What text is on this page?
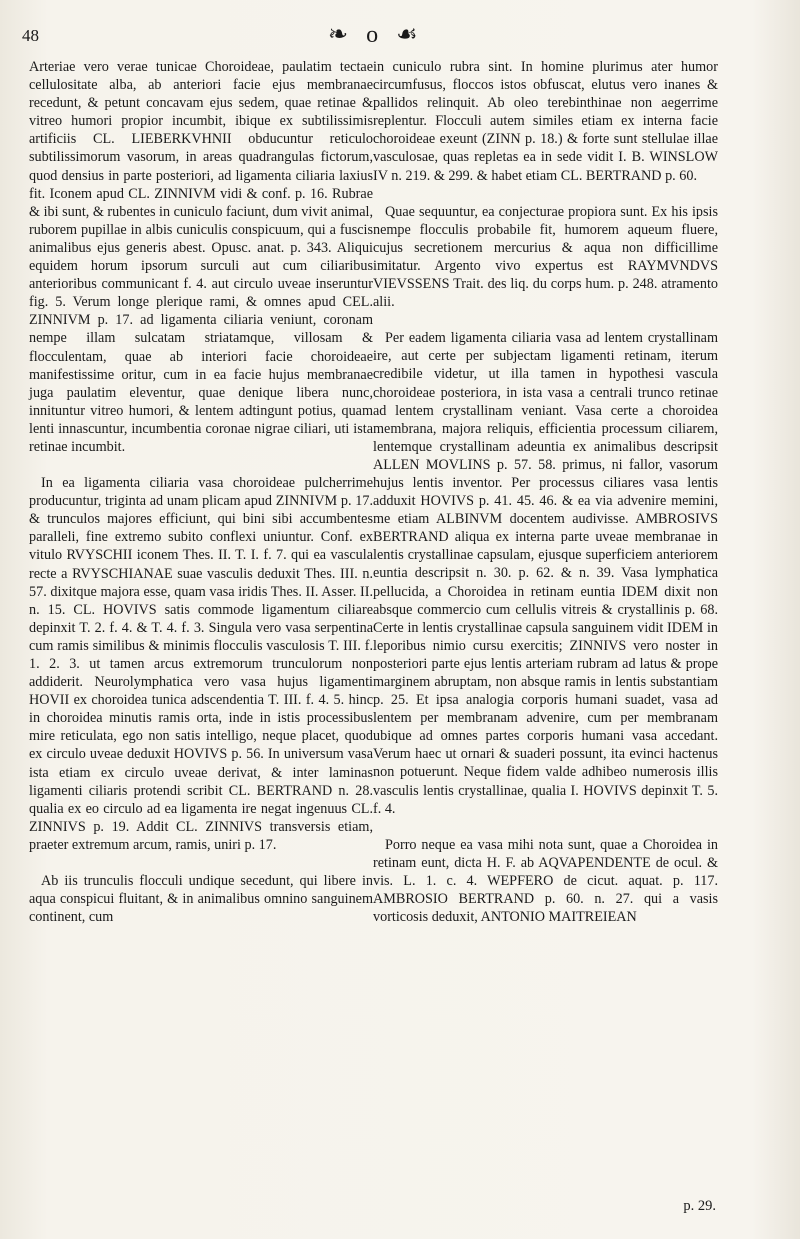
48	❧ o ☙

Arteriae vero verae tunicae Choroideae, paulatim tectae cellulositate alba, ab anteriori facie ejus membranae recedunt, & petunt concavam ejus sedem, quae retinae & vitreo humori propior incumbit, ibique ex subtilissimis artificiis CL. LIEBERKVHNII obducuntur reticulo subtilissimorum vasorum, in areas quadrangulas fictorum, quod densius in parte posteriori, ad ligamenta ciliaria laxius fit. Iconem apud CL. ZINNIVM vidi & conf. p. 16. Rubrae & ibi sunt, & rubentes in cuniculo faciunt, dum vivit animal, ruborem pupillae in albis cuniculis conspicuum, qui a fuscis animalibus ejus generis abest. Opusc. anat. p. 343. Aliqui equidem horum ipsorum surculi aut cum ciliaribus anterioribus communicant f. 4. aut circulo uveae inseruntur fig. 5. Verum longe plerique rami, & omnes apud CEL. ZINNIVM p. 17. ad ligamenta ciliaria veniunt, coronam nempe illam sulcatam striatamque, villosam & flocculentam, quae ab interiori facie choroideae manifestissime oritur, cum in ea facie hujus membranae juga paulatim eleventur, quae denique libera nunc, innituntur vitreo humori, & lentem adtingunt potius, quam lenti innascuntur, incumbentia coronae nigrae ciliari, uti ista retinae incumbit.

In ea ligamenta ciliaria vasa choroideae pulcherrime producuntur, triginta ad unam plicam apud ZINNIVM p. 17. & trunculos majores efficiunt, qui bini sibi accumbentes paralleli, fine extremo subito conflexi uniuntur. Conf. ex vitulo RVYSCHII iconem Thes. II. T. I. f. 7. qui ea vascula recte a RVYSCHIANAE suae vasculis deduxit Thes. III. n. 57. dixitque majora esse, quam vasa iridis Thes. II. Asser. II. n. 15. CL. HOVIVS satis commode ligamentum ciliare depinxit T. 2. f. 4. & T. 4. f. 3. Singula vero vasa serpentina cum ramis similibus & minimis flocculis vasculosis T. III. f. 1. 2. 3. ut tamen arcus extremorum trunculorum non addiderit. Neurolymphatica vero vasa hujus ligamenti HOVII ex choroidea tunica adscendentia T. III. f. 4. 5. hinc in choroidea minutis ramis orta, inde in istis processibus mire reticulata, ego non satis intelligo, neque placet, quod ex circulo uveae deduxit HOVIVS p. 56. In universum vasa ista etiam ex circulo uveae derivat, & inter laminas ligamenti ciliaris protendi scribit CL. BERTRAND n. 28. qualia ex eo circulo ad ea ligamenta ire negat ingenuus CL. ZINNIVS p. 19. Addit CL. ZINNIVS transversis etiam, praeter extremum arcum, ramis, uniri p. 17.

Ab iis trunculis flocculi undique secedunt, qui libere in aqua conspicui fluitant, & in animalibus omnino sanguinem continent, cum

in cuniculo rubra sint. In homine plurimus ater humor circumfusus, floccos istos obfuscat, elutus vero inanes & pallidos relinquit. Ab oleo terebinthinae non aegerrime replentur. Flocculi autem similes etiam ex interna facie choroideae exeunt (ZINN p. 18.) & forte sunt stellulae illae vasculosae, quas repletas ea in sede vidit I. B. WINSLOW IV n. 219. & 299. & habet etiam CL. BERTRAND p. 60.

Quae sequuntur, ea conjecturae propiora sunt. Ex his ipsis nempe flocculis probabile fit, humorem aqueum fluere, cujus secretionem mercurius & aqua non difficillime imitatur. Argento vivo expertus est RAYMVNDVS VIEVSSENS Trait. des liq. du corps hum. p. 248. atramento alii.

Per eadem ligamenta ciliaria vasa ad lentem crystallinam ire, aut certe per subjectam ligamenti retinam, iterum credibile videtur, ut illa tamen in hypothesi vascula choroideae posteriora, in ista vasa a centrali trunco retinae ad lentem crystallinam veniant. Vasa certe a choroidea membrana, majora reliquis, efficientia processum ciliarem, lentemque crystallinam adeuntia ex animalibus descripsit ALLEN MOVLINS p. 57. 58. primus, ni fallor, vasorum hujus lentis inventor. Per processus ciliares vasa lentis adduxit HOVIVS p. 41. 45. 46. & ea via advenire memini, me etiam ALBINVM docentem audivisse. AMBROSIVS BERTRAND aliqua ex interna parte uveae membranae in lentis crystallinae capsulam, ejusque superficiem anteriorem euntia descripsit n. 30. p. 62. & n. 39. Vasa lymphatica pellucida, a Choroidea in retinam euntia IDEM dixit non absque commercio cum cellulis vitreis & crystallinis p. 68. Certe in lentis crystallinae capsula sanguinem vidit IDEM in leporibus nimio cursu exercitis; ZINNIVS vero noster in posteriori parte ejus lentis arteriam rubram ad latus & prope marginem abruptam, non absque ramis in lentis substantiam p. 25. Et ipsa analogia corporis humani suadet, vasa ad lentem per membranam advenire, cum per membranam ubique ad omnes partes corporis humani vasa accedant. Verum haec ut ornari & suaderi possunt, ita evinci hactenus non potuerunt. Neque fidem valde adhibeo numerosis illis vasculis lentis crystallinae, qualia I. HOVIVS depinxit T. 5. f. 4.

Porro neque ea vasa mihi nota sunt, quae a Choroidea in retinam eunt, dicta H. F. ab AQVAPENDENTE de ocul. & vis. L. 1. c. 4. WEPFERO de cicut. aquat. p. 117. AMBROSIO BERTRAND p. 60. n. 27. qui a vasis vorticosis deduxit, ANTONIO MAITREIEAN

p. 29.
